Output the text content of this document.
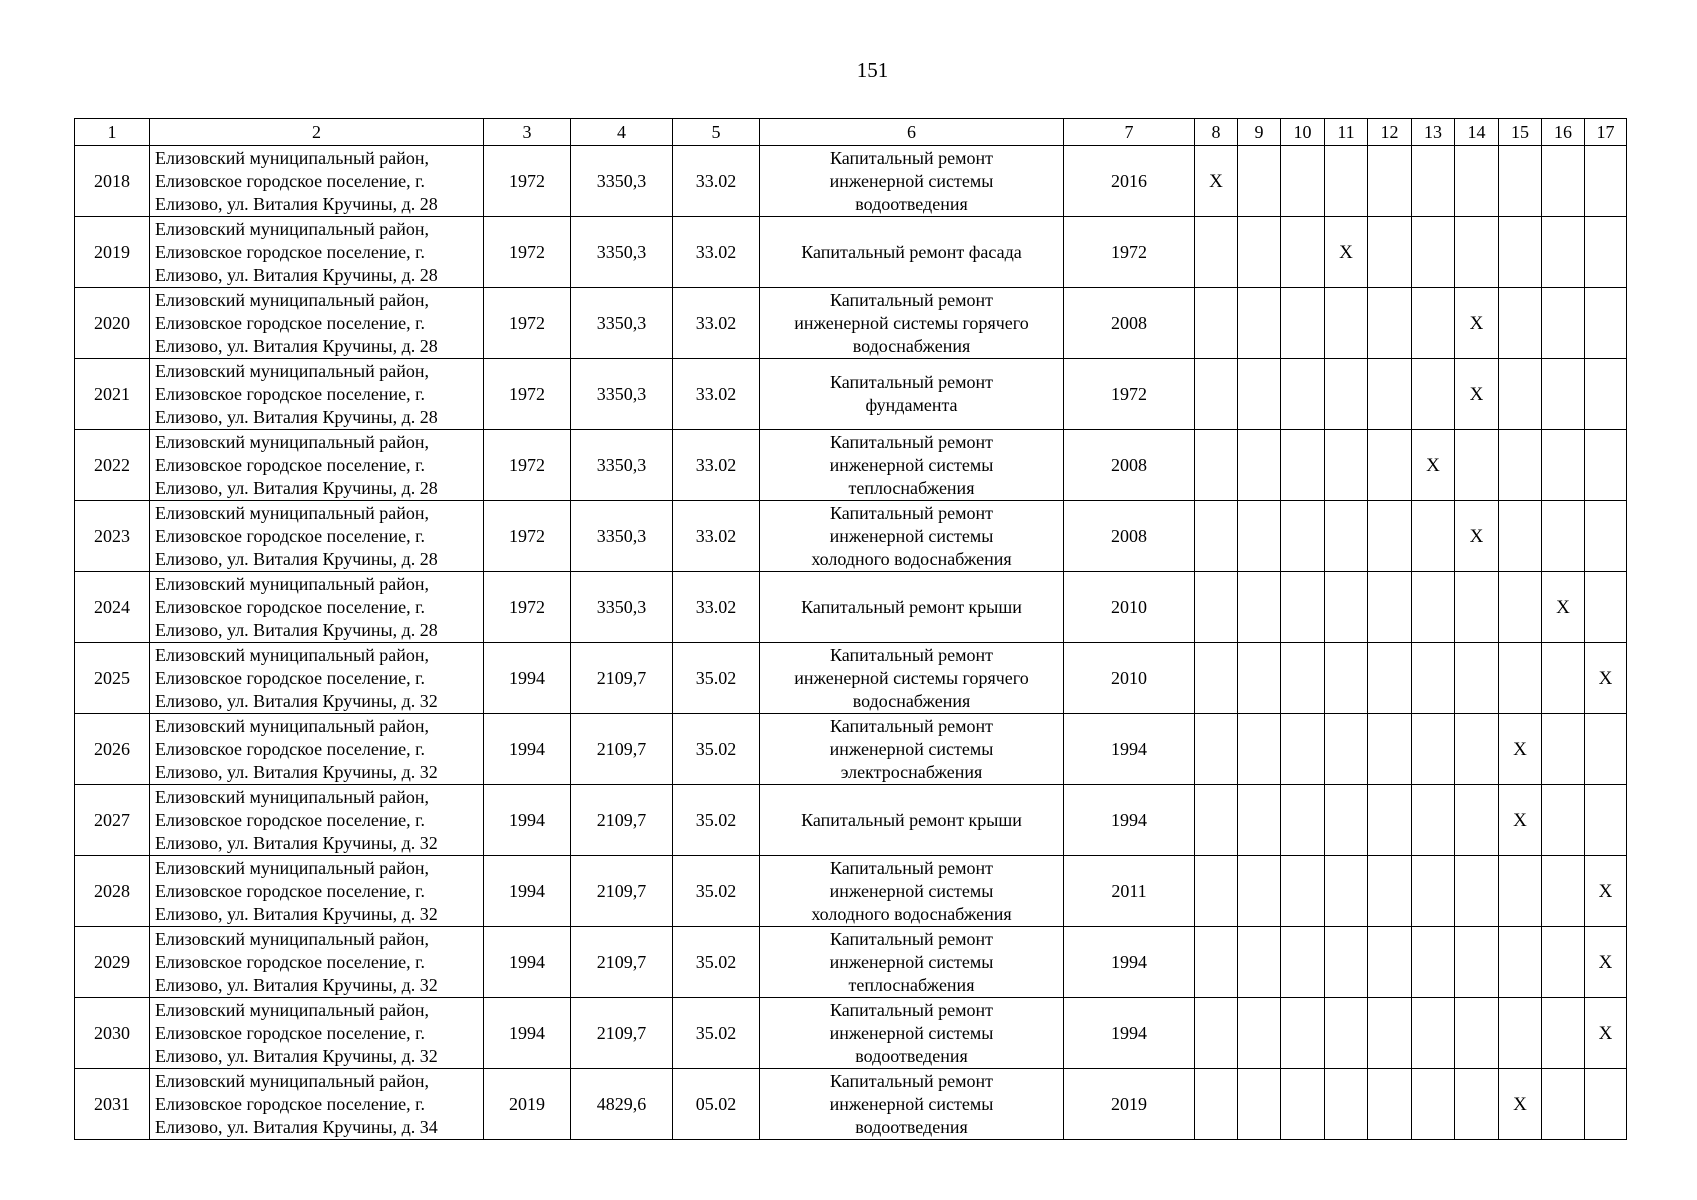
151
1	2	3	4	5	6	7	8	9	10	11	12	13	14	15	16	17
2018	Елизовский муниципальный район,
Елизовское городское поселение, г.
Елизово, ул. Виталия Кручины, д. 28	1972	3350,3	33.02	Капитальный ремонт
инженерной системы
водоотведения	2016	X									
2019	Елизовский муниципальный район,
Елизовское городское поселение, г.
Елизово, ул. Виталия Кручины, д. 28	1972	3350,3	33.02	Капитальный ремонт фасада	1972				X						
2020	Елизовский муниципальный район,
Елизовское городское поселение, г.
Елизово, ул. Виталия Кручины, д. 28	1972	3350,3	33.02	Капитальный ремонт
инженерной системы горячего
водоснабжения	2008							X			
2021	Елизовский муниципальный район,
Елизовское городское поселение, г.
Елизово, ул. Виталия Кручины, д. 28	1972	3350,3	33.02	Капитальный ремонт
фундамента	1972							X			
2022	Елизовский муниципальный район,
Елизовское городское поселение, г.
Елизово, ул. Виталия Кручины, д. 28	1972	3350,3	33.02	Капитальный ремонт
инженерной системы
теплоснабжения	2008						X				
2023	Елизовский муниципальный район,
Елизовское городское поселение, г.
Елизово, ул. Виталия Кручины, д. 28	1972	3350,3	33.02	Капитальный ремонт
инженерной системы
холодного водоснабжения	2008							X			
2024	Елизовский муниципальный район,
Елизовское городское поселение, г.
Елизово, ул. Виталия Кручины, д. 28	1972	3350,3	33.02	Капитальный ремонт крыши	2010									X	
2025	Елизовский муниципальный район,
Елизовское городское поселение, г.
Елизово, ул. Виталия Кручины, д. 32	1994	2109,7	35.02	Капитальный ремонт
инженерной системы горячего
водоснабжения	2010										X
2026	Елизовский муниципальный район,
Елизовское городское поселение, г.
Елизово, ул. Виталия Кручины, д. 32	1994	2109,7	35.02	Капитальный ремонт
инженерной системы
электроснабжения	1994								X		
2027	Елизовский муниципальный район,
Елизовское городское поселение, г.
Елизово, ул. Виталия Кручины, д. 32	1994	2109,7	35.02	Капитальный ремонт крыши	1994								X		
2028	Елизовский муниципальный район,
Елизовское городское поселение, г.
Елизово, ул. Виталия Кручины, д. 32	1994	2109,7	35.02	Капитальный ремонт
инженерной системы
холодного водоснабжения	2011										X
2029	Елизовский муниципальный район,
Елизовское городское поселение, г.
Елизово, ул. Виталия Кручины, д. 32	1994	2109,7	35.02	Капитальный ремонт
инженерной системы
теплоснабжения	1994										X
2030	Елизовский муниципальный район,
Елизовское городское поселение, г.
Елизово, ул. Виталия Кручины, д. 32	1994	2109,7	35.02	Капитальный ремонт
инженерной системы
водоотведения	1994										X
2031	Елизовский муниципальный район,
Елизовское городское поселение, г.
Елизово, ул. Виталия Кручины, д. 34	2019	4829,6	05.02	Капитальный ремонт
инженерной системы
водоотведения	2019								X		
